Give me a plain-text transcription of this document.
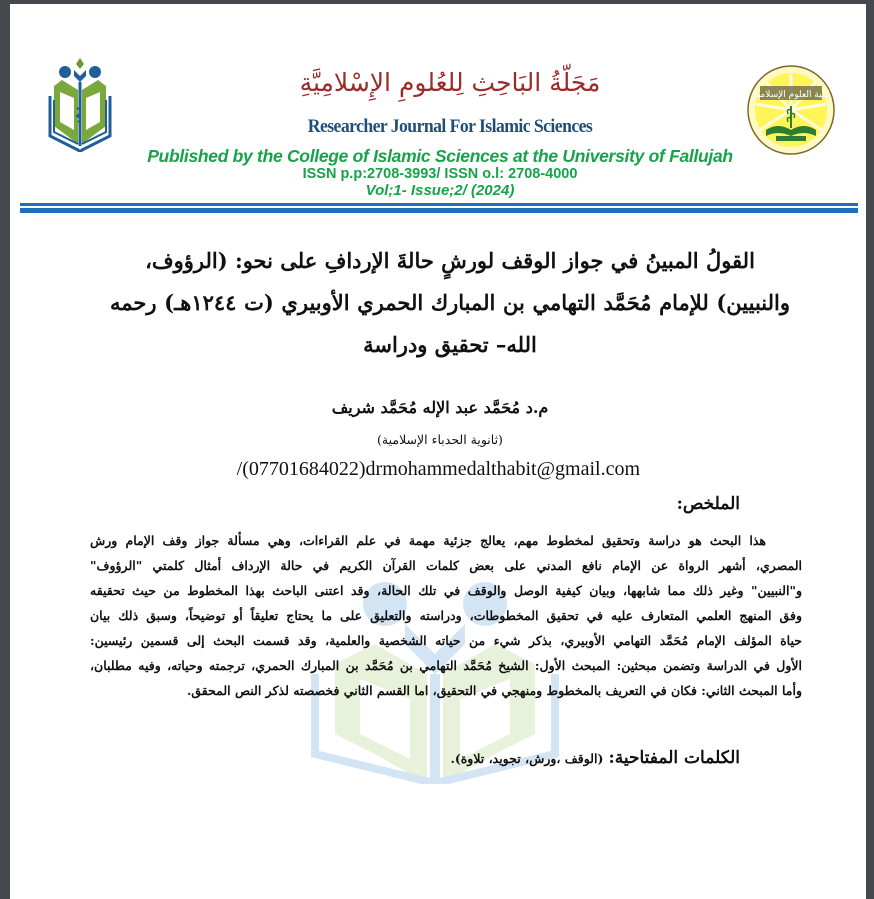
مَجَلّةُ البَاحِثِ لِلعُلومِ الإِسْلامِيَّةِ
Researcher Journal For Islamic Sciences
كلية العلوم الإسلامية
Published by the College of Islamic Sciences at the University of Fallujah
ISSN p.p:2708-3993/ ISSN o.l: 2708-4000
Vol;1- Issue;2/ (2024)
القولُ المبينُ في جواز الوقف لورشٍ حالةَ الإردافِ على نحو: (الرؤوف،
والنبيين) للإمام مُحَمَّد التهامي بن المبارك الحمري الأوبيري (ت ١٢٤٤هـ) رحمه
الله– تحقيق ودراسة
م.د مُحَمَّد عبد الإله مُحَمَّد شريف
(ثانوية الحدباء الإسلامية)
/(07701684022)drmohammedalthabit@gmail.com
الملخص:
هذا البحث هو دراسة وتحقيق لمخطوط مهم، يعالج جزئية مهمة في علم القراءات، وهي مسألة جواز وقف الإمام ورش
المصري، أشهر الرواة عن الإمام نافع المدني على بعض كلمات القرآن الكريم في حالة الإرداف أمثال كلمتي "الرؤوف"
و"النبيين" وغير ذلك مما شابهها، وبيان كيفية الوصل والوقف في تلك الحالة، وقد اعتنى الباحث بهذا المخطوط من حيث تحقيقه
وفق المنهج العلمي المتعارف عليه في تحقيق المخطوطات، ودراسته والتعليق على ما يحتاج تعليقاً أو توضيحاً، وسبق ذلك بيان
حياة المؤلف الإمام مُحَمَّد التهامي الأوبيري، بذكر شيء من حياته الشخصية والعلمية، وقد قسمت البحث إلى قسمين رئيسين:
الأول في الدراسة وتضمن مبحثين: المبحث الأول: الشيخ مُحَمَّد التهامي بن مُحَمَّد بن المبارك الحمري، ترجمته وحياته، وفيه مطلبان،
وأما المبحث الثاني: فكان في التعريف بالمخطوط ومنهجي في التحقيق، اما القسم الثاني فخصصته لذكر النص المحقق.
الكلمات المفتاحية: (الوقف ،ورش، تجويد، تلاوة).
